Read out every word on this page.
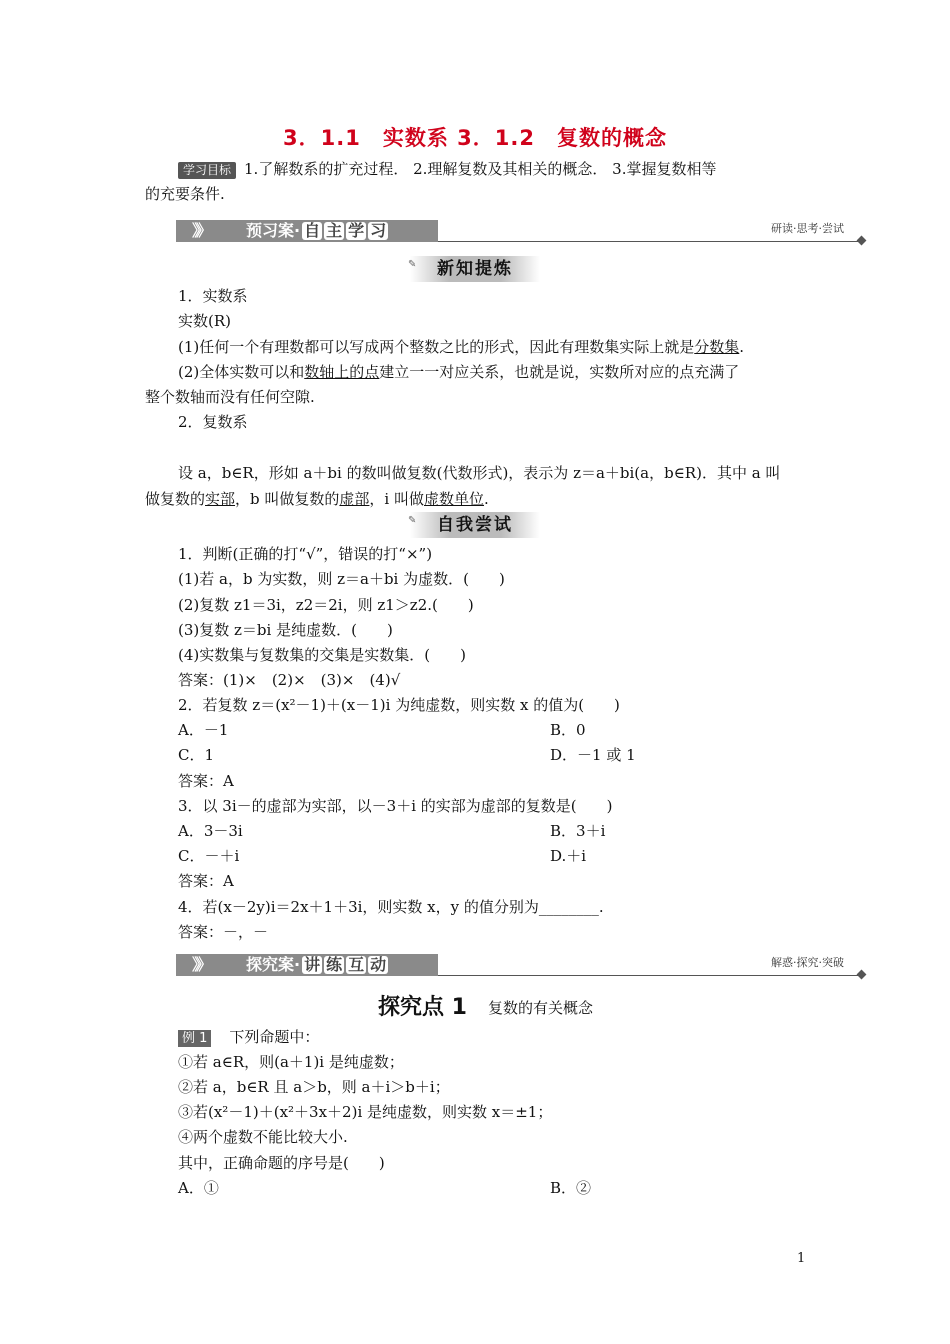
3．1.1　实数系 3．1.2　复数的概念
学习目标 1.了解数系的扩充过程． 2.理解复数及其相关的概念． 3.掌握复数相等
的充要条件.
》》 预习案· 自 主 学 习	研读·思考·尝试
✎ 新知提炼
1．实数系
实数(R)
(1)任何一个有理数都可以写成两个整数之比的形式，因此有理数集实际上就是分数集.
(2)全体实数可以和数轴上的点建立一一对应关系，也就是说，实数所对应的点充满了
整个数轴而没有任何空隙.
2．复数系
设 a，b∈R，形如 a＋bi 的数叫做复数(代数形式)，表示为 z＝a＋bi(a，b∈R)．其中 a 叫
做复数的实部，b 叫做复数的虚部，i 叫做虚数单位.
✎ 自我尝试
1．判断(正确的打“√”，错误的打“×”)
(1)若 a，b 为实数，则 z＝a＋bi 为虚数．(　　)
(2)复数 z1＝3i，z2＝2i，则 z1＞z2.(　　)
(3)复数 z＝bi 是纯虚数．(　　)
(4)实数集与复数集的交集是实数集．(　　)
答案：(1)×　(2)×　(3)×　(4)√
2．若复数 z＝(x²－1)＋(x－1)i 为纯虚数，则实数 x 的值为(　　)
A．－1	B．0
C．1	D．－1 或 1
答案：A
3．以 3i－的虚部为实部，以－3＋i 的实部为虚部的复数是(　　)
A．3－3i	B．3＋i
C．－＋i	D.＋i
答案：A
4．若(x－2y)i＝2x＋1＋3i，则实数 x，y 的值分别为________.
答案：－，－
》》 探究案· 讲 练 互 动	解惑·探究·突破
探究点 1 复数的有关概念
例 1 下列命题中：
①若 a∈R，则(a＋1)i 是纯虚数；
②若 a，b∈R 且 a＞b，则 a＋i＞b＋i；
③若(x²－1)＋(x²＋3x＋2)i 是纯虚数，则实数 x＝±1；
④两个虚数不能比较大小.
其中，正确命题的序号是(　　)
A．①	B．②
1
